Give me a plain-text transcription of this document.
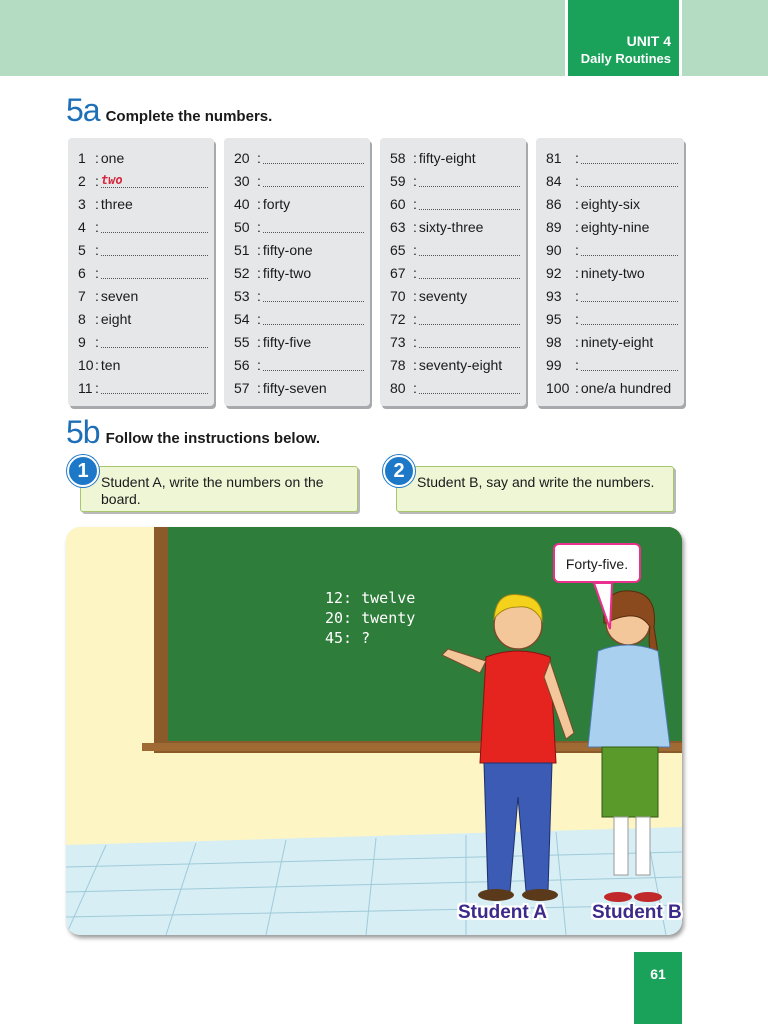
UNIT 4
Daily Routines
5a Complete the numbers.
1 : one
2 : two
3 : three
4 :
5 :
6 :
7 : seven
8 : eight
9 :
10 : ten
11 :
20 :
30 :
40 : forty
50 :
51 : fifty-one
52 : fifty-two
53 :
54 :
55 : fifty-five
56 :
57 : fifty-seven
58 : fifty-eight
59 :
60 :
63 : sixty-three
65 :
67 :
70 : seventy
72 :
73 :
78 : seventy-eight
80 :
81 :
84 :
86 : eighty-six
89 : eighty-nine
90 :
92 : ninety-two
93 :
95 :
98 : ninety-eight
99 :
100 : one/a hundred
5b Follow the instructions below.
Student A, write the numbers on the board.
1	Student B, say and write the numbers.
2
Forty-five.
12: twelve
20: twenty
45: ?
Student A Student B
61
